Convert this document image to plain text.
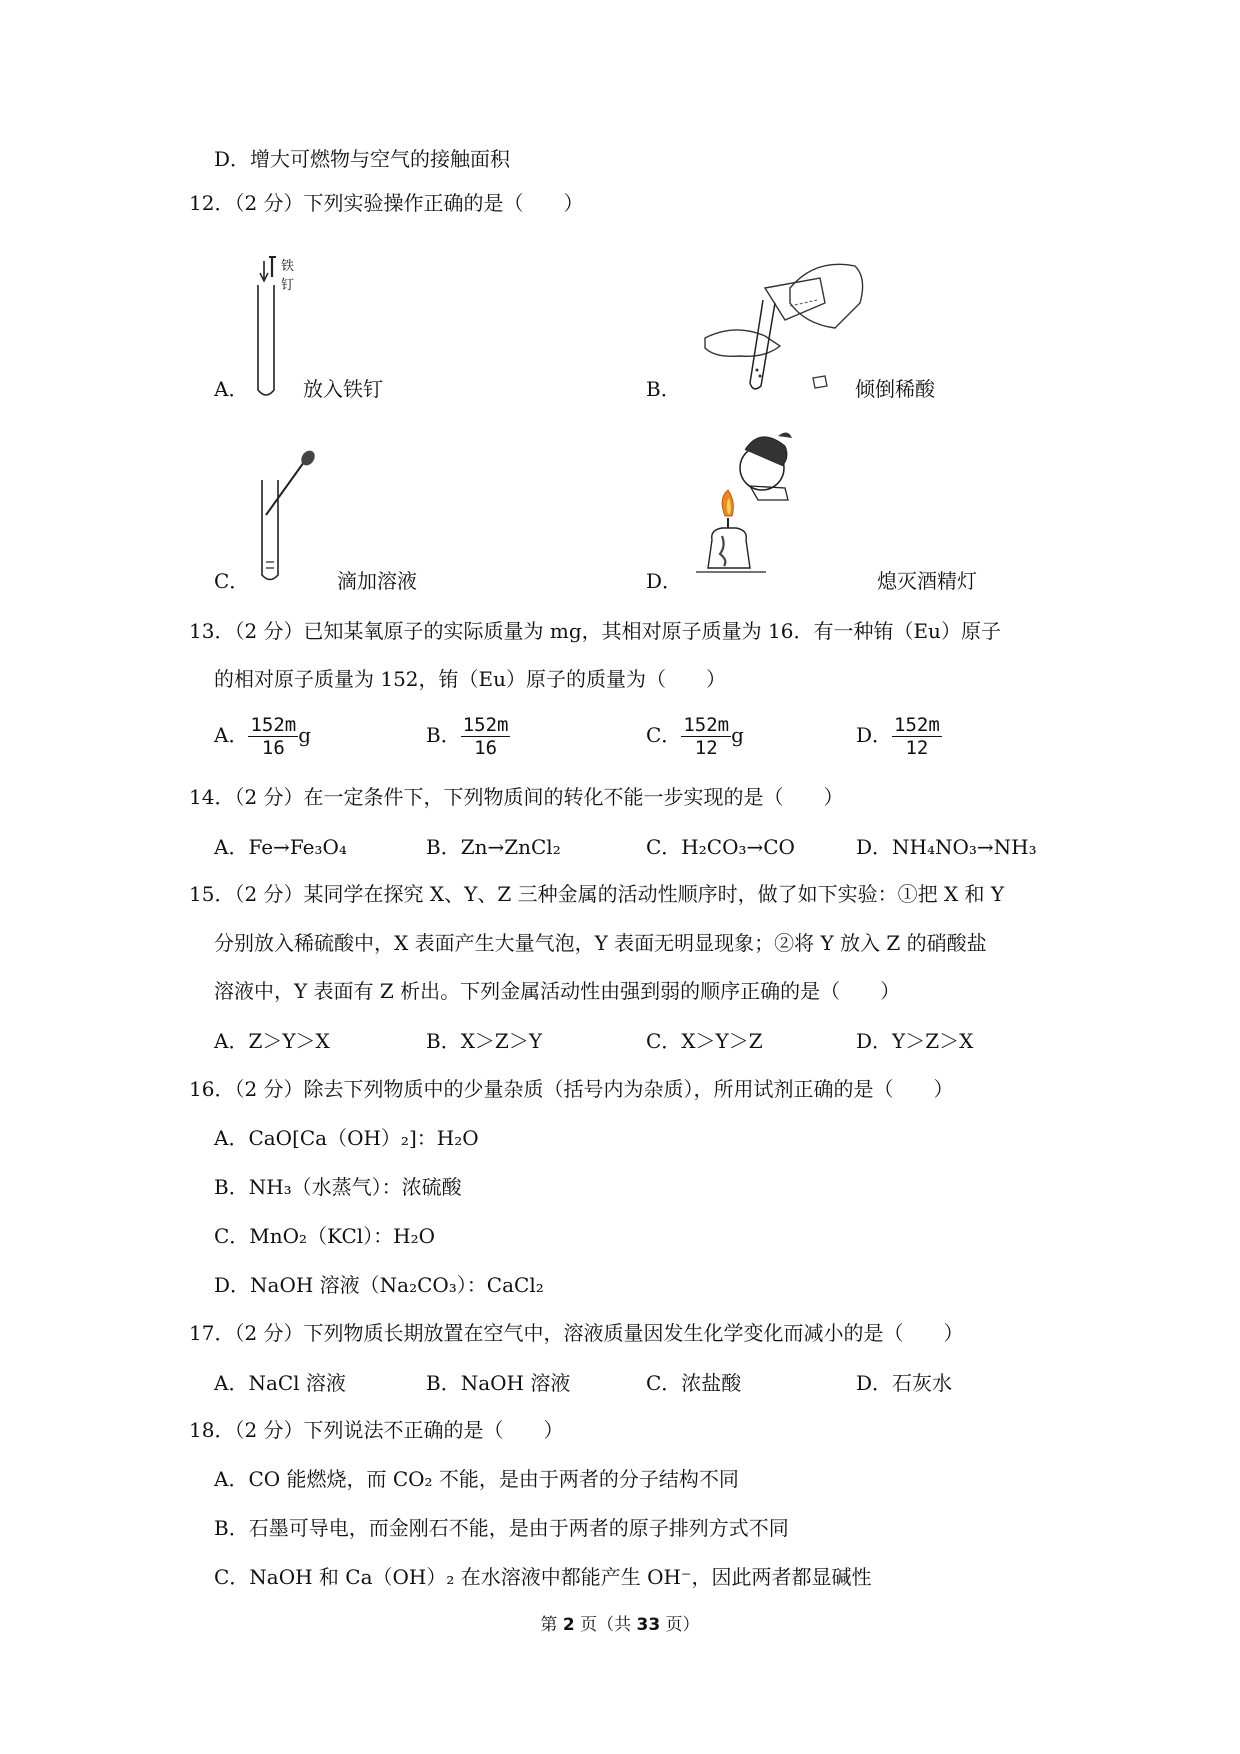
D．增大可燃物与空气的接触面积
12．（2 分）下列实验操作正确的是（　　）
铁
钉
A．	放入铁钉	B．	倾倒稀酸
C．	滴加溶液	D．	熄灭酒精灯
13．（2 分）已知某氧原子的实际质量为 mg，其相对原子质量为 16．有一种铕（Eu）原子
的相对原子质量为 152，铕（Eu）原子的质量为（　　）
A． $\frac{152m}{16}$ g	B． $\frac{152m}{16}$	C． $\frac{152m}{12}$ g	D． $\frac{152m}{12}$
14．（2 分）在一定条件下，下列物质间的转化不能一步实现的是（　　）
A．Fe→Fe₃O₄	B．Zn→ZnCl₂	C．H₂CO₃→CO	D．NH₄NO₃→NH₃
15．（2 分）某同学在探究 X、Y、Z 三种金属的活动性顺序时，做了如下实验：①把 X 和 Y
分别放入稀硫酸中，X 表面产生大量气泡，Y 表面无明显现象；②将 Y 放入 Z 的硝酸盐
溶液中，Y 表面有 Z 析出。下列金属活动性由强到弱的顺序正确的是（　　）
A．Z＞Y＞X	B．X＞Z＞Y	C．X＞Y＞Z	D．Y＞Z＞X
16．（2 分）除去下列物质中的少量杂质（括号内为杂质），所用试剂正确的是（　　）
A．CaO[Ca（OH）₂]：H₂O
B．NH₃（水蒸气）：浓硫酸
C．MnO₂（KCl）：H₂O
D．NaOH 溶液（Na₂CO₃）：CaCl₂
17．（2 分）下列物质长期放置在空气中，溶液质量因发生化学变化而减小的是（　　）
A．NaCl 溶液	B．NaOH 溶液	C．浓盐酸	D．石灰水
18．（2 分）下列说法不正确的是（　　）
A．CO 能燃烧，而 CO₂ 不能，是由于两者的分子结构不同
B．石墨可导电，而金刚石不能，是由于两者的原子排列方式不同
C．NaOH 和 Ca（OH）₂ 在水溶液中都能产生 OH⁻，因此两者都显碱性
第 2 页（共 33 页）
